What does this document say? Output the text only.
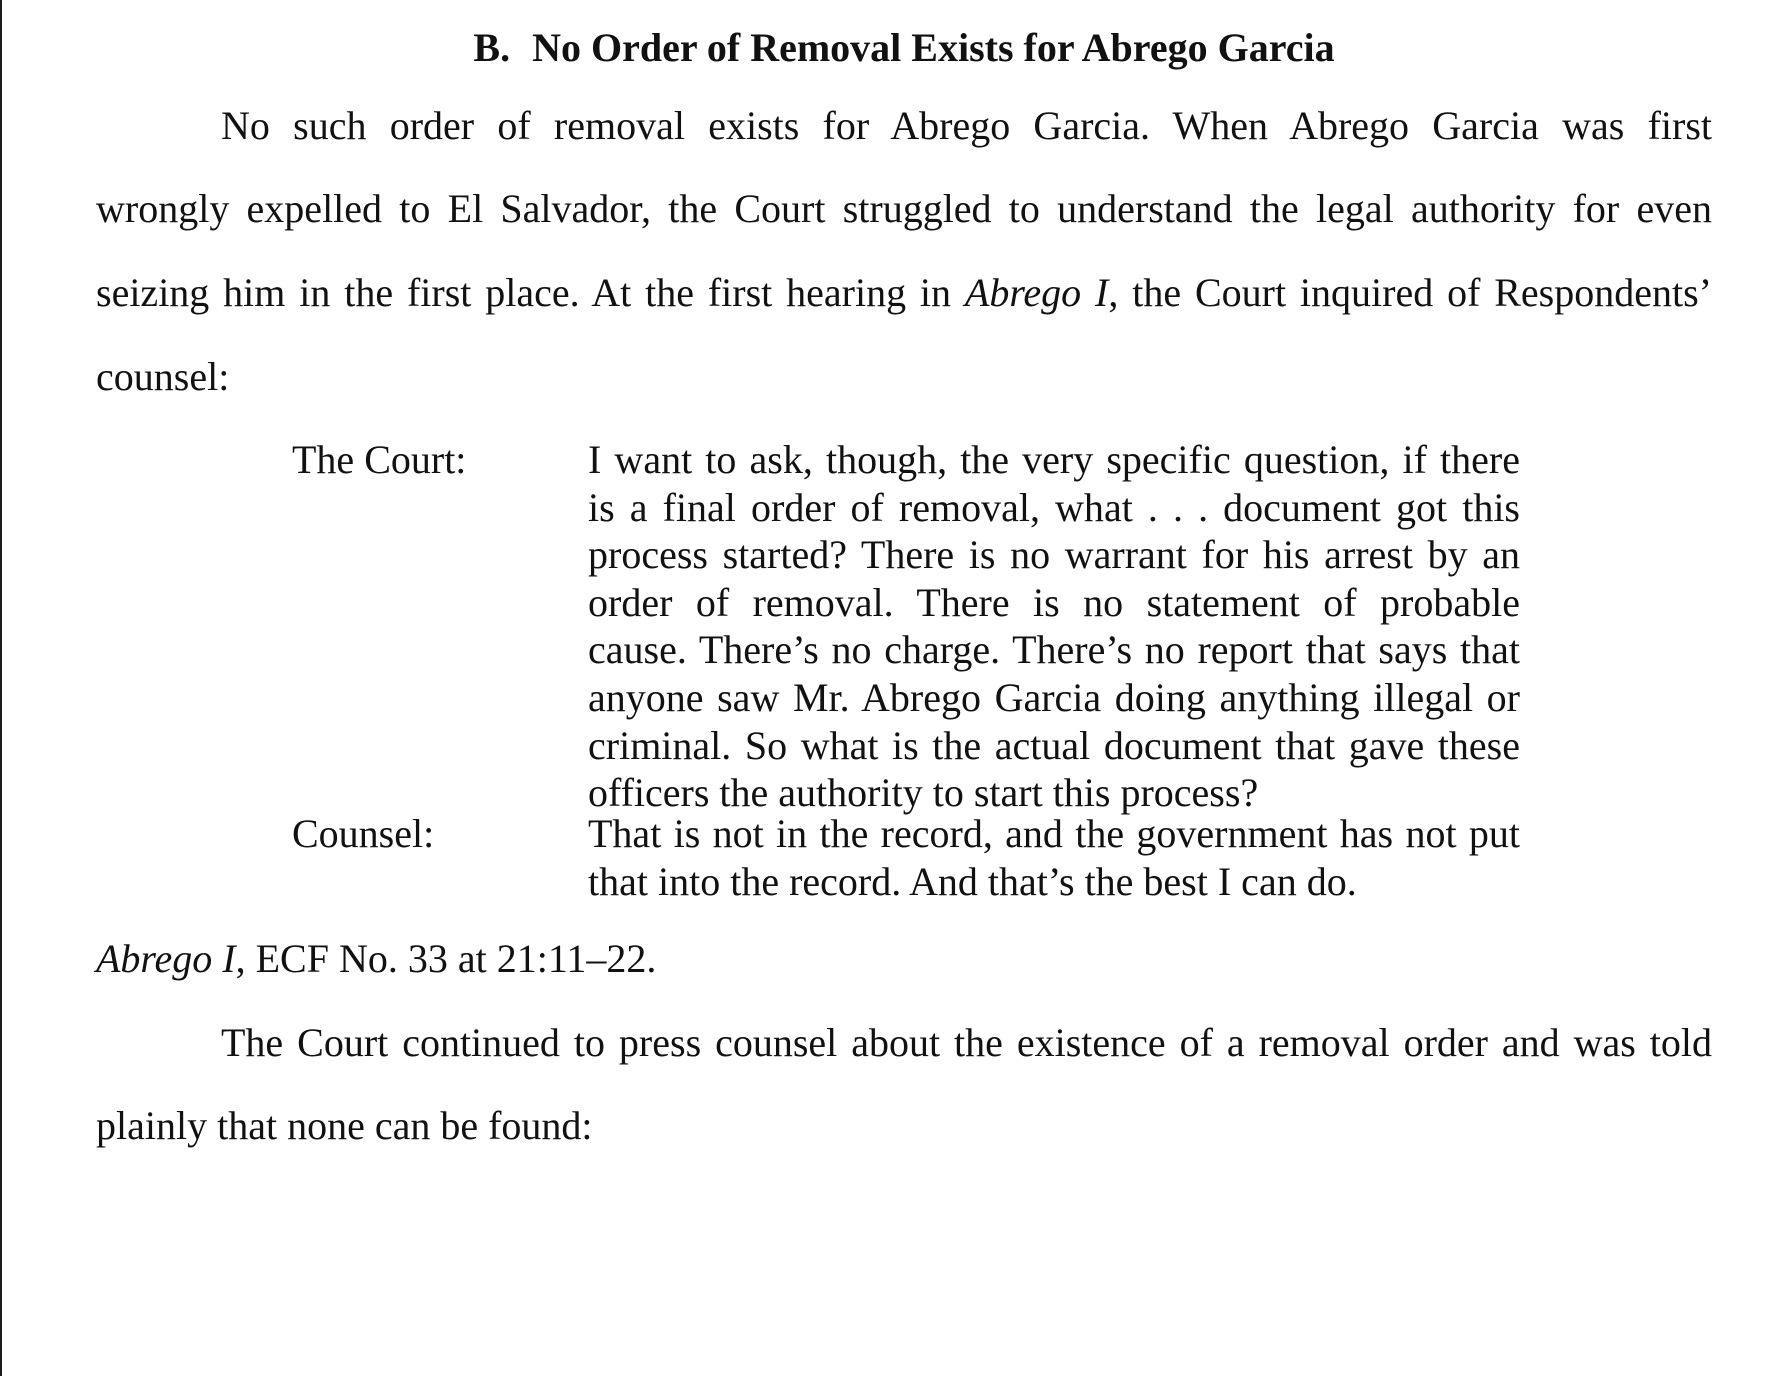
B. No Order of Removal Exists for Abrego Garcia

No such order of removal exists for Abrego Garcia. When Abrego Garcia was first

wrongly expelled to El Salvador, the Court struggled to understand the legal authority for even

seizing him in the first place. At the first hearing in Abrego I, the Court inquired of Respondents’

counsel:

The Court:	I want to ask, though, the very specific question, if there
is a final order of removal, what . . . document got this
process started? There is no warrant for his arrest by an
order of removal. There is no statement of probable
cause. There’s no charge. There’s no report that says that
anyone saw Mr. Abrego Garcia doing anything illegal or
criminal. So what is the actual document that gave these
officers the authority to start this process?
Counsel:	That is not in the record, and the government has not put
that into the record. And that’s the best I can do.

Abrego I, ECF No. 33 at 21:11–22.

The Court continued to press counsel about the existence of a removal order and was told

plainly that none can be found:
